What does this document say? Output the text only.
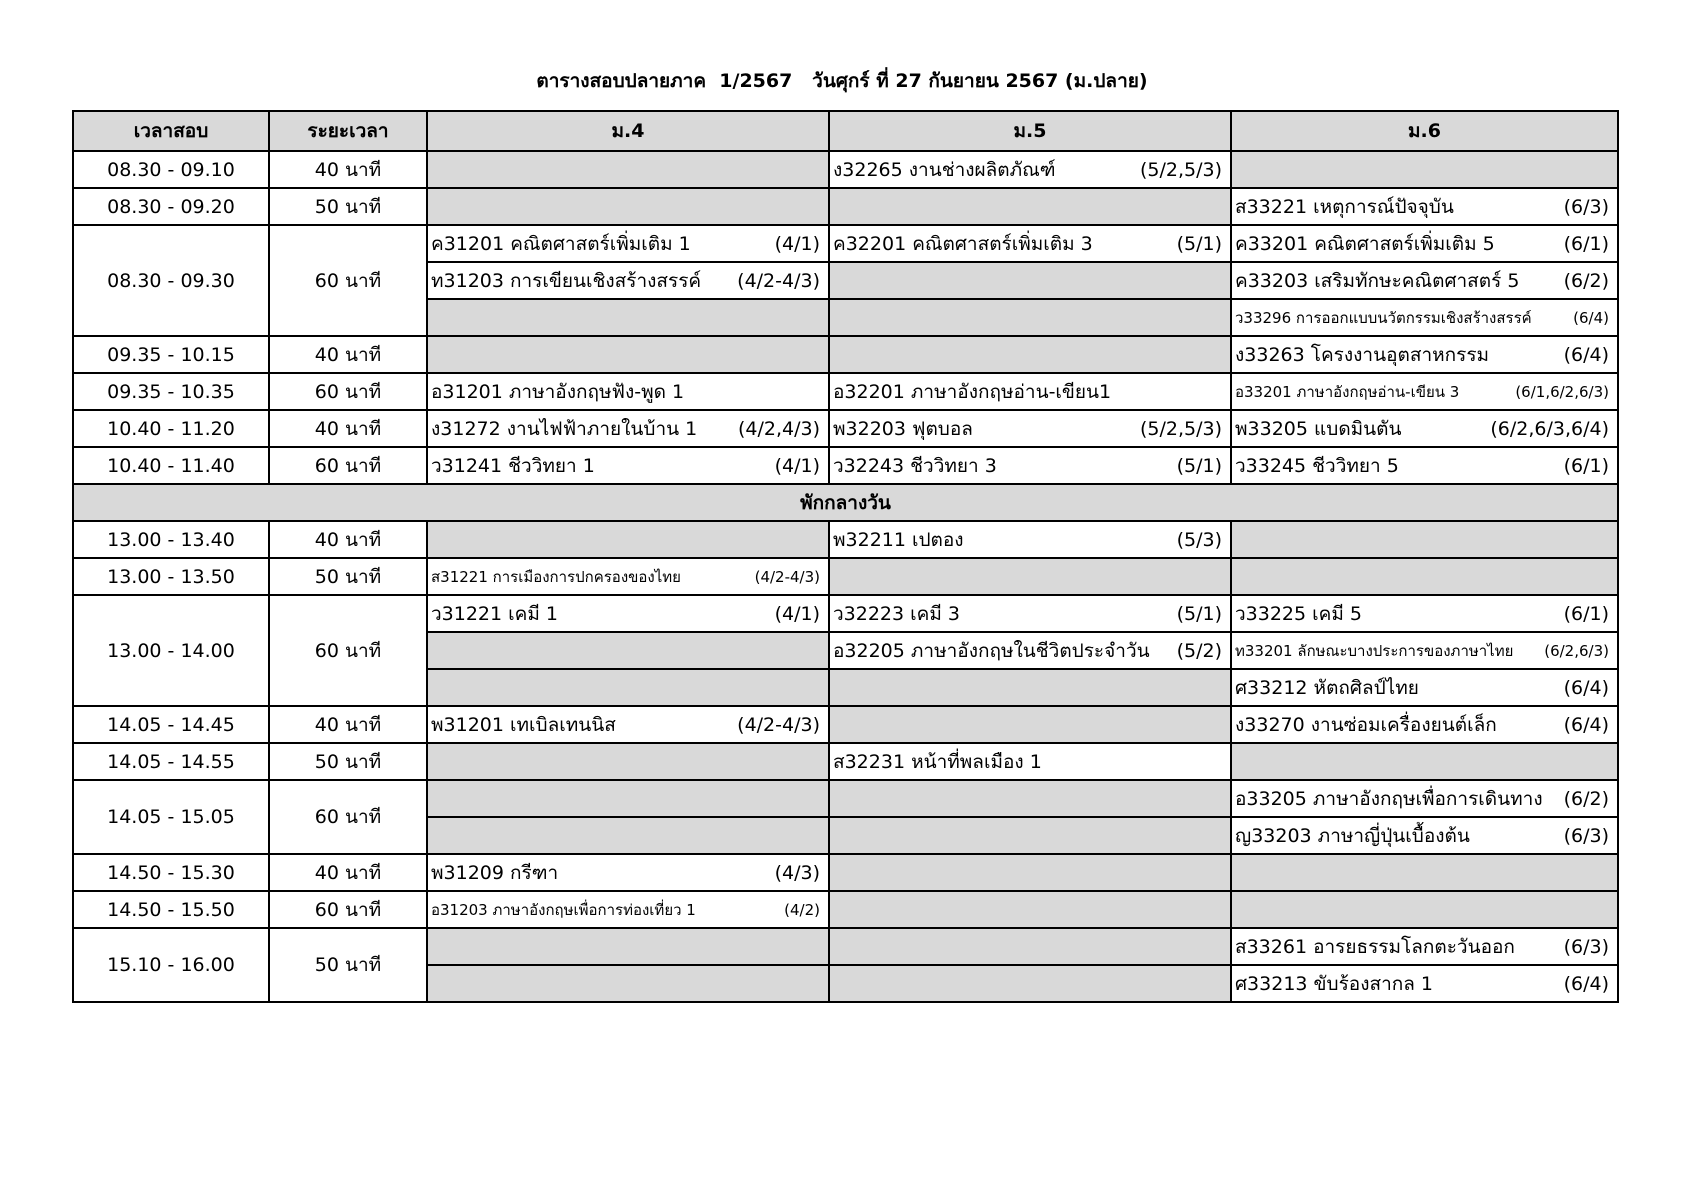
ตารางสอบปลายภาค  1/2567   วันศุกร์ ที่ 27 กันยายน 2567 (ม.ปลาย)
เวลาสอบ	ระยะเวลา	ม.4	ม.5	ม.6
08.30 - 09.10	40 นาที		ง32265 งานช่างผลิตภัณฑ์ (5/2,5/3)	

08.30 - 09.20	50 นาที			ส33221 เหตุการณ์ปัจจุบัน (6/3)

08.30 - 09.30	60 นาที	ค31201 คณิตศาสตร์เพิ่มเติม 1 (4/1)	ค32201 คณิตศาสตร์เพิ่มเติม 3 (5/1)	ค33201 คณิตศาสตร์เพิ่มเติม 5 (6/1)

		ท31203 การเขียนเชิงสร้างสรรค์ (4/2-4/3)		ค33203 เสริมทักษะคณิตศาสตร์ 5 (6/2)

				ว33296 การออกแบบนวัตกรรมเชิงสร้างสรรค์ (6/4)

09.35 - 10.15	40 นาที			ง33263 โครงงานอุตสาหกรรม (6/4)

09.35 - 10.35	60 นาที	อ31201 ภาษาอังกฤษฟัง-พูด 1	อ32201 ภาษาอังกฤษอ่าน-เขียน1	อ33201 ภาษาอังกฤษอ่าน-เขียน 3 (6/1,6/2,6/3)

10.40 - 11.20	40 นาที	ง31272 งานไฟฟ้าภายในบ้าน 1 (4/2,4/3)	พ32203 ฟุตบอล (5/2,5/3)	พ33205 แบดมินตัน (6/2,6/3,6/4)

10.40 - 11.40	60 นาที	ว31241 ชีววิทยา 1 (4/1)	ว32243 ชีววิทยา 3 (5/1)	ว33245 ชีววิทยา 5 (6/1)

พักกลางวัน				
13.00 - 13.40	40 นาที		พ32211 เปตอง (5/3)	

13.00 - 13.50	50 นาที	ส31221 การเมืองการปกครองของไทย (4/2-4/3)		

13.00 - 14.00	60 นาที	ว31221 เคมี 1 (4/1)	ว32223 เคมี 3 (5/1)	ว33225 เคมี 5 (6/1)

			อ32205 ภาษาอังกฤษในชีวิตประจำวัน (5/2)	ท33201 ลักษณะบางประการของภาษาไทย (6/2,6/3)

				ศ33212 หัตถศิลป์ไทย (6/4)

14.05 - 14.45	40 นาที	พ31201 เทเบิลเทนนิส (4/2-4/3)		ง33270 งานซ่อมเครื่องยนต์เล็ก (6/4)

14.05 - 14.55	50 นาที		ส32231 หน้าที่พลเมือง 1	

14.05 - 15.05	60 นาที			อ33205 ภาษาอังกฤษเพื่อการเดินทาง (6/2)

				ญ33203 ภาษาญี่ปุ่นเบื้องต้น (6/3)

14.50 - 15.30	40 นาที	พ31209 กรีฑา (4/3)		

14.50 - 15.50	60 นาที	อ31203 ภาษาอังกฤษเพื่อการท่องเที่ยว 1 (4/2)		

15.10 - 16.00	50 นาที			ส33261 อารยธรรมโลกตะวันออก (6/3)

				ศ33213 ขับร้องสากล 1 (6/4)
